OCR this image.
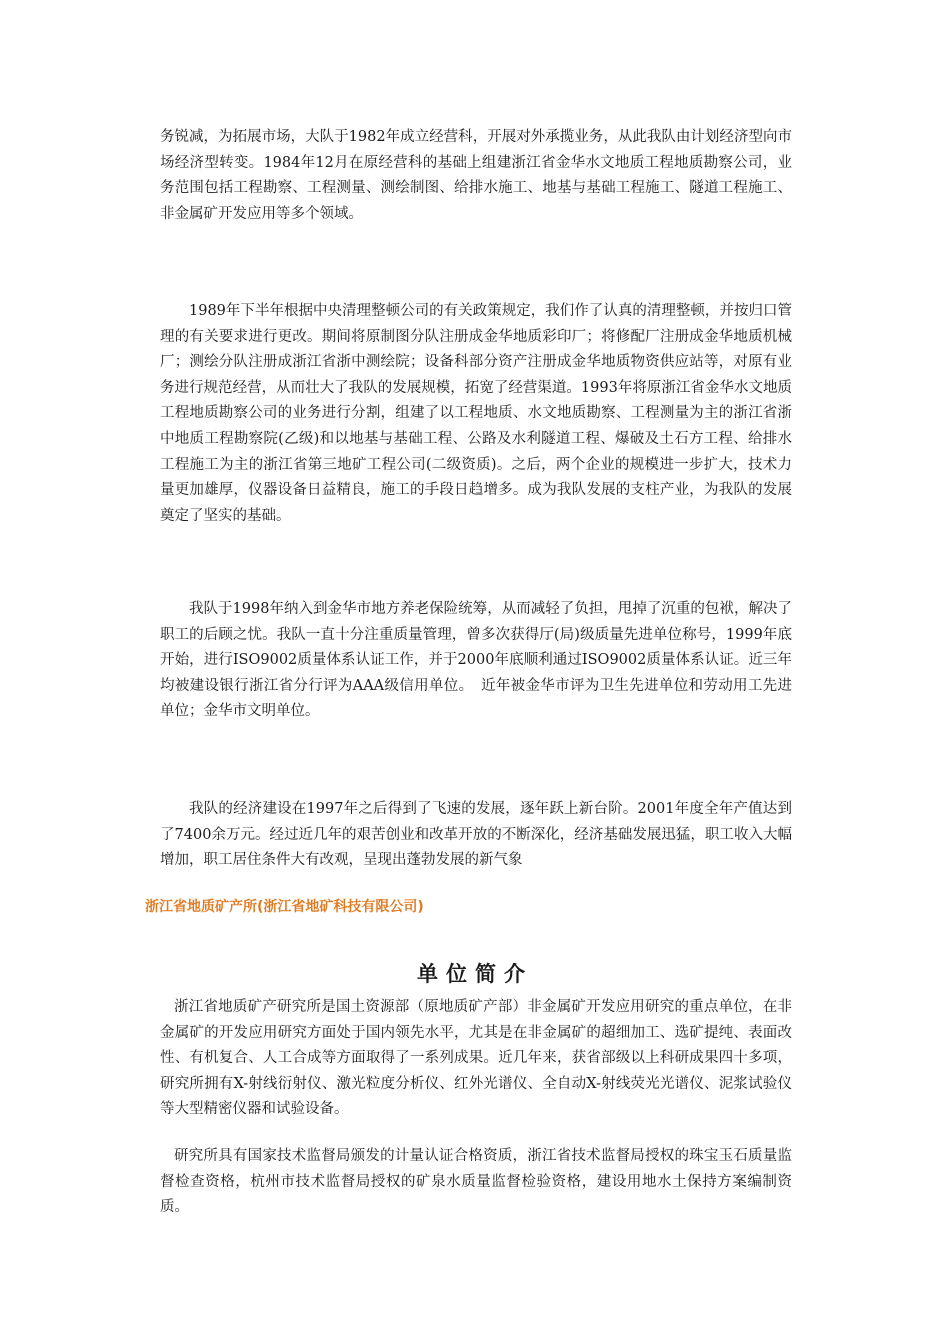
务锐减，为拓展市场，大队于1982年成立经营科，开展对外承揽业务，从此我队由计划经济型向市场经济型转变。1984年12月在原经营科的基础上组建浙江省金华水文地质工程地质勘察公司，业务范围包括工程勘察、工程测量、测绘制图、给排水施工、地基与基础工程施工、隧道工程施工、非金属矿开发应用等多个领域。

1989年下半年根据中央清理整顿公司的有关政策规定，我们作了认真的清理整顿，并按归口管理的有关要求进行更改。期间将原制图分队注册成金华地质彩印厂；将修配厂注册成金华地质机械厂；测绘分队注册成浙江省浙中测绘院；设备科部分资产注册成金华地质物资供应站等，对原有业务进行规范经营，从而壮大了我队的发展规模，拓宽了经营渠道。1993年将原浙江省金华水文地质工程地质勘察公司的业务进行分割，组建了以工程地质、水文地质勘察、工程测量为主的浙江省浙中地质工程勘察院(乙级)和以地基与基础工程、公路及水利隧道工程、爆破及土石方工程、给排水工程施工为主的浙江省第三地矿工程公司(二级资质)。之后，两个企业的规模进一步扩大，技术力量更加雄厚，仪器设备日益精良，施工的手段日趋增多。成为我队发展的支柱产业，为我队的发展奠定了坚实的基础。

我队于1998年纳入到金华市地方养老保险统筹，从而减轻了负担，甩掉了沉重的包袱，解决了职工的后顾之忧。我队一直十分注重质量管理，曾多次获得厅(局)级质量先进单位称号，1999年底开始，进行ISO9002质量体系认证工作，并于2000年底顺利通过ISO9002质量体系认证。近三年均被建设银行浙江省分行评为AAA级信用单位。　近年被金华市评为卫生先进单位和劳动用工先进单位；金华市文明单位。

我队的经济建设在1997年之后得到了飞速的发展，逐年跃上新台阶。2001年度全年产值达到了7400余万元。经过近几年的艰苦创业和改革开放的不断深化，经济基础发展迅猛，职工收入大幅增加，职工居住条件大有改观，呈现出蓬勃发展的新气象

浙江省地质矿产所(浙江省地矿科技有限公司)

单位简介

浙江省地质矿产研究所是国土资源部（原地质矿产部）非金属矿开发应用研究的重点单位，在非金属矿的开发应用研究方面处于国内领先水平，尤其是在非金属矿的超细加工、选矿提纯、表面改性、有机复合、人工合成等方面取得了一系列成果。近几年来，获省部级以上科研成果四十多项，研究所拥有X-射线衍射仪、激光粒度分析仪、红外光谱仪、全自动X-射线荧光光谱仪、泥浆试验仪等大型精密仪器和试验设备。

研究所具有国家技术监督局颁发的计量认证合格资质，浙江省技术监督局授权的珠宝玉石质量监督检查资格，杭州市技术监督局授权的矿泉水质量监督检验资格，建设用地水土保持方案编制资质。
